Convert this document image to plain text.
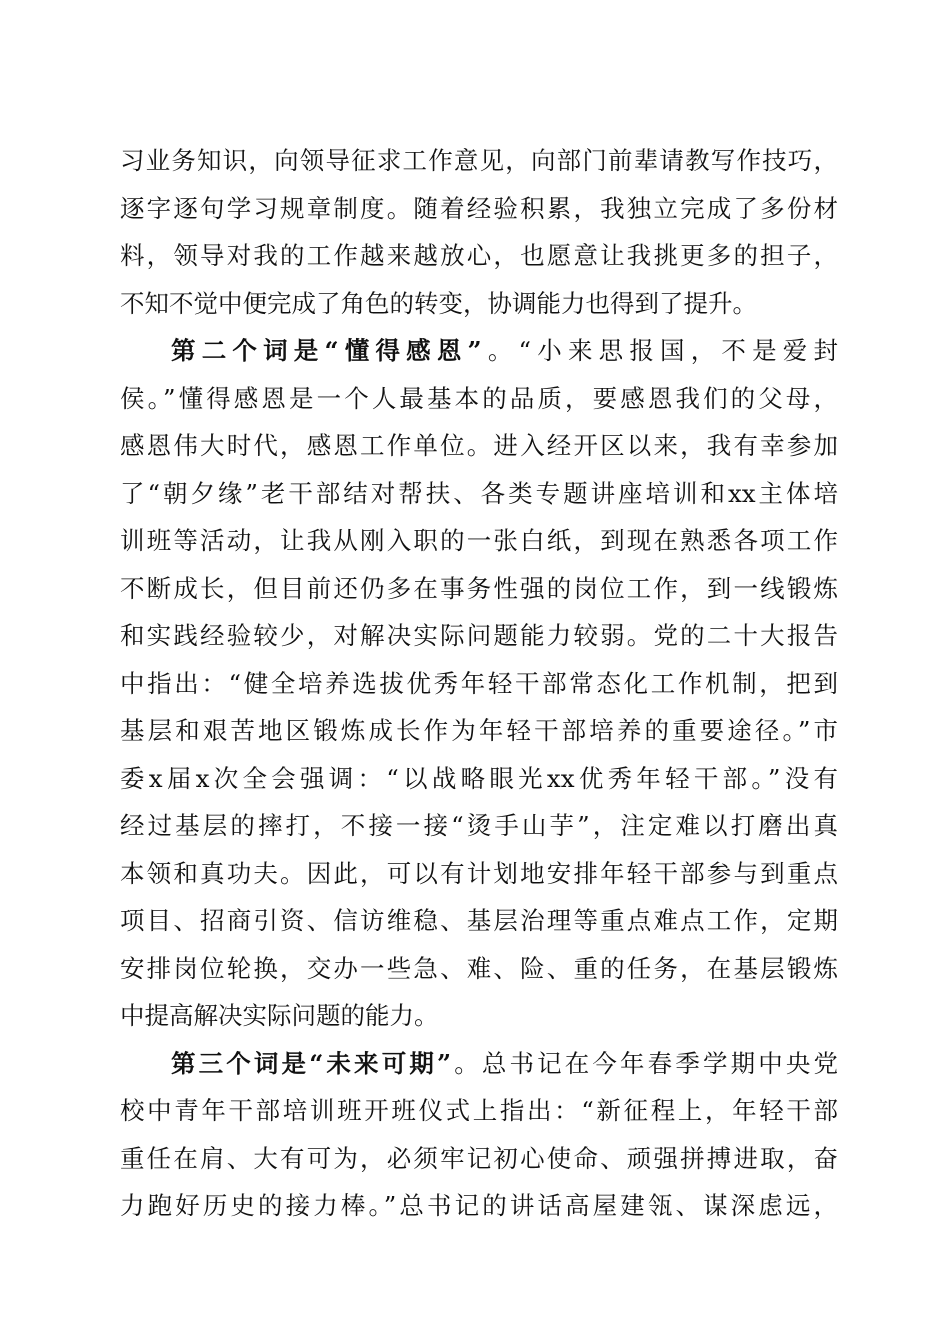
习业务知识，向领导征求工作意见，向部门前辈请教写作技巧，
逐字逐句学习规章制度。随着经验积累，我独立完成了多份材
料，领导对我的工作越来越放心，也愿意让我挑更多的担子，
不知不觉中便完成了角色的转变，协调能力也得到了提升。
第二个词是“懂得感恩”。“小来思报国，不是爱封
侯。”懂得感恩是一个人最基本的品质，要感恩我们的父母，
感恩伟大时代，感恩工作单位。进入经开区以来，我有幸参加
了“朝夕缘”老干部结对帮扶、各类专题讲座培训和xx主体培
训班等活动，让我从刚入职的一张白纸，到现在熟悉各项工作
不断成长，但目前还仍多在事务性强的岗位工作，到一线锻炼
和实践经验较少，对解决实际问题能力较弱。党的二十大报告
中指出：“健全培养选拔优秀年轻干部常态化工作机制，把到
基层和艰苦地区锻炼成长作为年轻干部培养的重要途径。”市
委x届x次全会强调：“以战略眼光xx优秀年轻干部。”没有
经过基层的摔打，不接一接“烫手山芋”，注定难以打磨出真
本领和真功夫。因此，可以有计划地安排年轻干部参与到重点
项目、招商引资、信访维稳、基层治理等重点难点工作，定期
安排岗位轮换，交办一些急、难、险、重的任务，在基层锻炼
中提高解决实际问题的能力。
第三个词是“未来可期”。总书记在今年春季学期中央党
校中青年干部培训班开班仪式上指出：“新征程上，年轻干部
重任在肩、大有可为，必须牢记初心使命、顽强拼搏进取，奋
力跑好历史的接力棒。”总书记的讲话高屋建瓴、谋深虑远，
